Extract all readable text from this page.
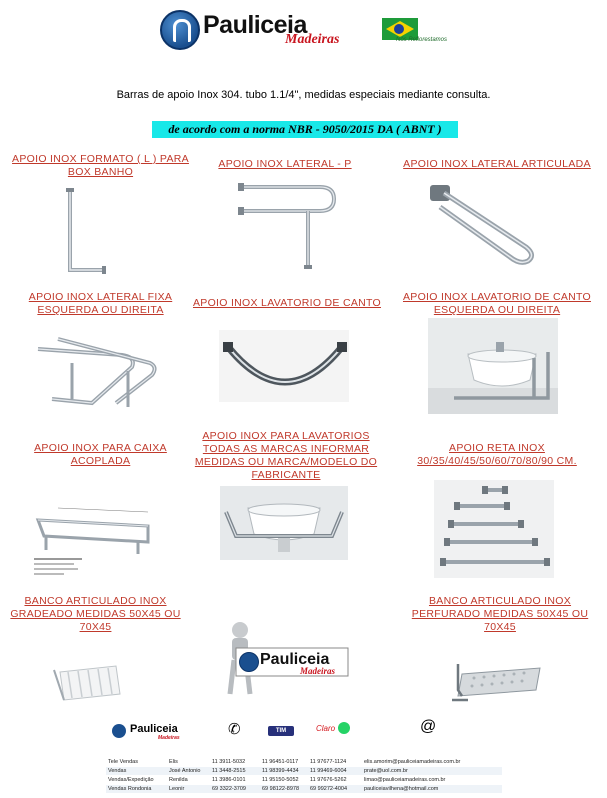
Pauliceia
Madeiras	Nós Reflorestamos
Barras de apoio Inox 304. tubo 1.1/4", medidas especiais mediante consulta.
de acordo com a norma NBR - 9050/2015 DA ( ABNT )
APOIO INOX FORMATO ( L ) PARA BOX BANHO
APOIO INOX LATERAL - P	APOIO INOX LATERAL ARTICULADA
APOIO INOX LATERAL FIXA ESQUERDA OU DIREITA
APOIO INOX LAVATORIO DE CANTO	APOIO INOX LAVATORIO DE CANTO ESQUERDA OU DIREITA
APOIO INOX PARA CAIXA ACOPLADA
APOIO INOX PARA LAVATORIOS TODAS AS MARCAS INFORMAR MEDIDAS OU MARCA/MODELO DO FABRICANTE
APOIO RETA INOX 30/35/40/45/50/60/70/80/90 CM.
BANCO ARTICULADO INOX GRADEADO MEDIDAS 50X45 OU 70X45
BANCO ARTICULADO INOX PERFURADO MEDIDAS 50X45 OU 70X45
Pauliceia
Madeiras
Pauliceia
Madeiras	✆	TIM	Claro	@
Tele Vendas	Elis	11 3911-5032	11 96451-0117 11 97677-1124	elis.amorim@pauliceiamadeiras.com.br
Vendas	José Antonio 11 3448-2515	11 98399-4434 11 99469-6004	prate@uol.com.br
Vendas/Expedição	Renilda	11 3986-0101	11 95150-5052 11 97676-5262	limao@pauliceiamadeiras.com.br
Vendas Rondonia	Leonir	69 3322-3709	69 98122-8978 69 99272-4004	pauliceiavilhena@hotmail.com
